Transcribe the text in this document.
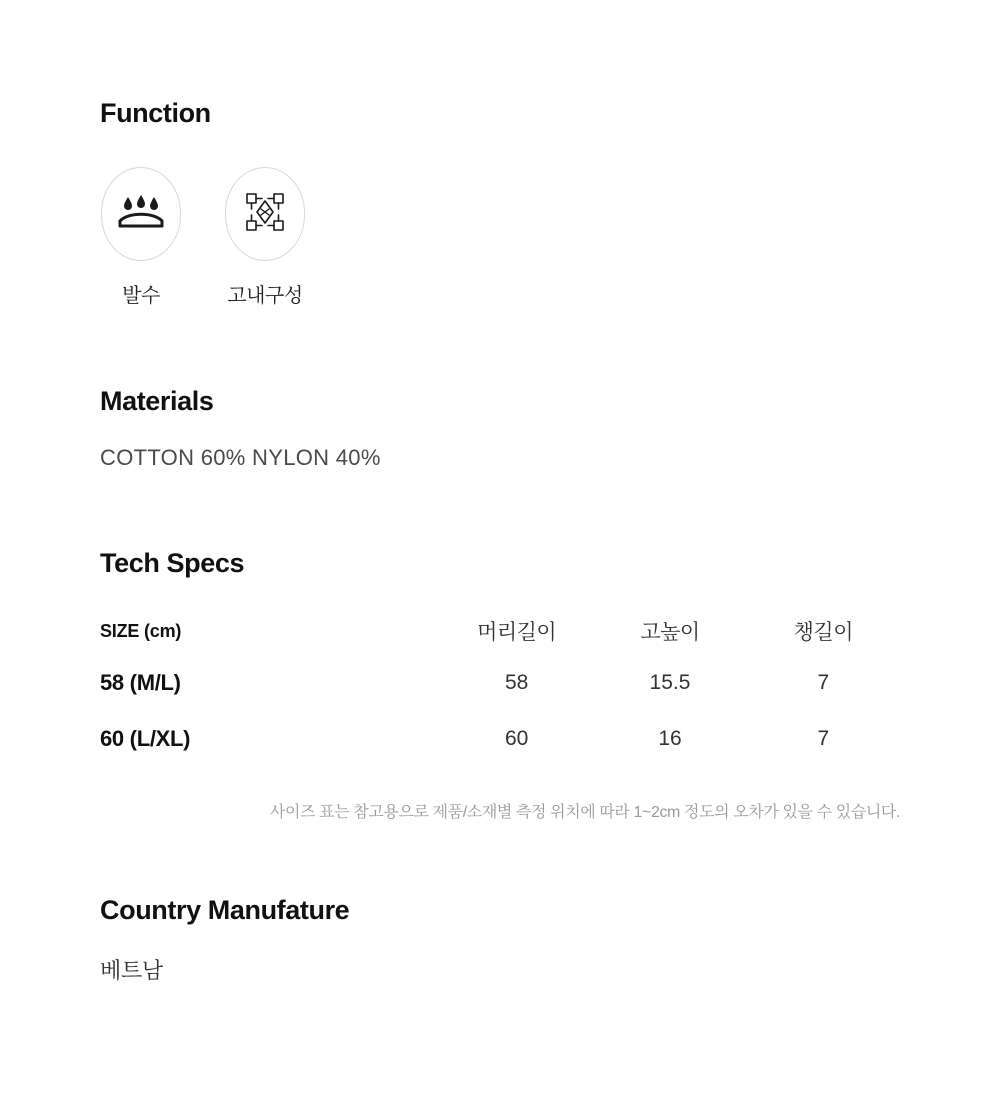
Function
발수	고내구성
Materials
COTTON 60% NYLON 40%
Tech Specs
SIZE (cm)	머리길이	고높이	챙길이
58 (M/L)	58	15.5	7
60 (L/XL)	60	16	7
사이즈 표는 참고용으로 제품/소재별 측정 위치에 따라 1~2cm 정도의 오차가 있을 수 있습니다.
Country Manufature
베트남
